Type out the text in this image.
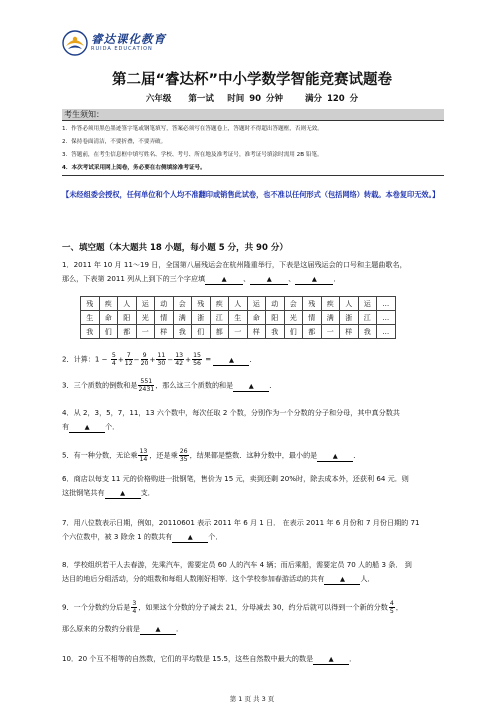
睿达课化教育
RUIDA EDUCATION
第二届“睿达杯”中小学数学智能竞赛试题卷
六年级　　第一试　 时间 90 分钟　　 满分 120 分
考生须知：
1．作答必须用黑色墨迹签字笔或钢笔填写，答案必须写在答题卷上，答题时不得超出答题框，否则无效。
2．保持卷面清洁，不要折叠，不要弄破。
3．答题前，在考生信息框中填写姓名、学校、考号、所在地及准考证号，准考证号填涂时需用 2B 铅笔。
4．本次考试采用网上阅卷，务必要在右侧填涂准考证号。
【未经组委会授权，任何单位和个人均不准翻印或销售此试卷，也不准以任何形式（包括网络）转载。本卷复印无效。】
一、填空题（本大题共 18 小题，每小题 5 分，共 90 分）
1．2011 年 10 月 11～19 日，全国第八届残运会在杭州隆重举行，下表是这届残运会的口号和主题曲歌名，
那么，下表第 2011 列从上到下的三个字应填	▲ 、	▲ 、	▲ ．
残	疾	人	运	动	会	残	疾	人	运	动	会	残	疾	人	运	…
生	命	阳	光	情	满	浙	江	生	命	阳	光	情	满	浙	江	…
我	们	都	一	样	我	们	都	一	样	我	们	都	一	样	我	…
2．计算：$1 - \frac{5}{4} + \frac{7}{12} - \frac{9}{20} + \frac{11}{30} - \frac{13}{42} + \frac{15}{56}$ =	▲ ．
3．三个质数的倒数和是 $\frac{551}{2431}$ ，那么这三个质数的和是 ▲ ．
4．从 2，3，5，7，11，13 六个数中，每次任取 2 个数，分别作为一个分数的分子和分母，其中真分数共
有 ▲ 个．
5．有一种分数，无论乘 $\frac{13}{14}$ ，还是乘 $\frac{26}{35}$ ，结果都是整数．这种分数中，最小的是 ▲ ．
6．商店以每支 11 元的价格购进一批钢笔，售价为 15 元，卖到还剩 20%时，除去成本外，还获利 64 元．则
这批钢笔共有 ▲ 支．
7．用八位数表示日期，例如，20110601 表示 2011 年 6 月 1 日． 在表示 2011 年 6 月份和 7 月份日期的 71
个六位数中，被 3 除余 1 的数共有 ▲ 个．
8．学校组织若干人去春游，先乘汽车，需要定员 60 人的汽车 4 辆；而后乘船，需要定员 70 人的船 3 条． 到
达目的地后分组活动，分的组数和每组人数刚好相等．这个学校参加春游活动的共有 ▲ 人．
9．一个分数约分后是 $\frac{3}{4}$ ，如果这个分数的分子减去 21，分母减去 30，约分后就可以得到一个新的分数 $\frac{4}{5}$ ，
那么原来的分数约分前是 ▲ ．
10．20 个互不相等的自然数，它们的平均数是 15.5，这些自然数中最大的数是 ▲ ．
第 1 页 共 3 页
